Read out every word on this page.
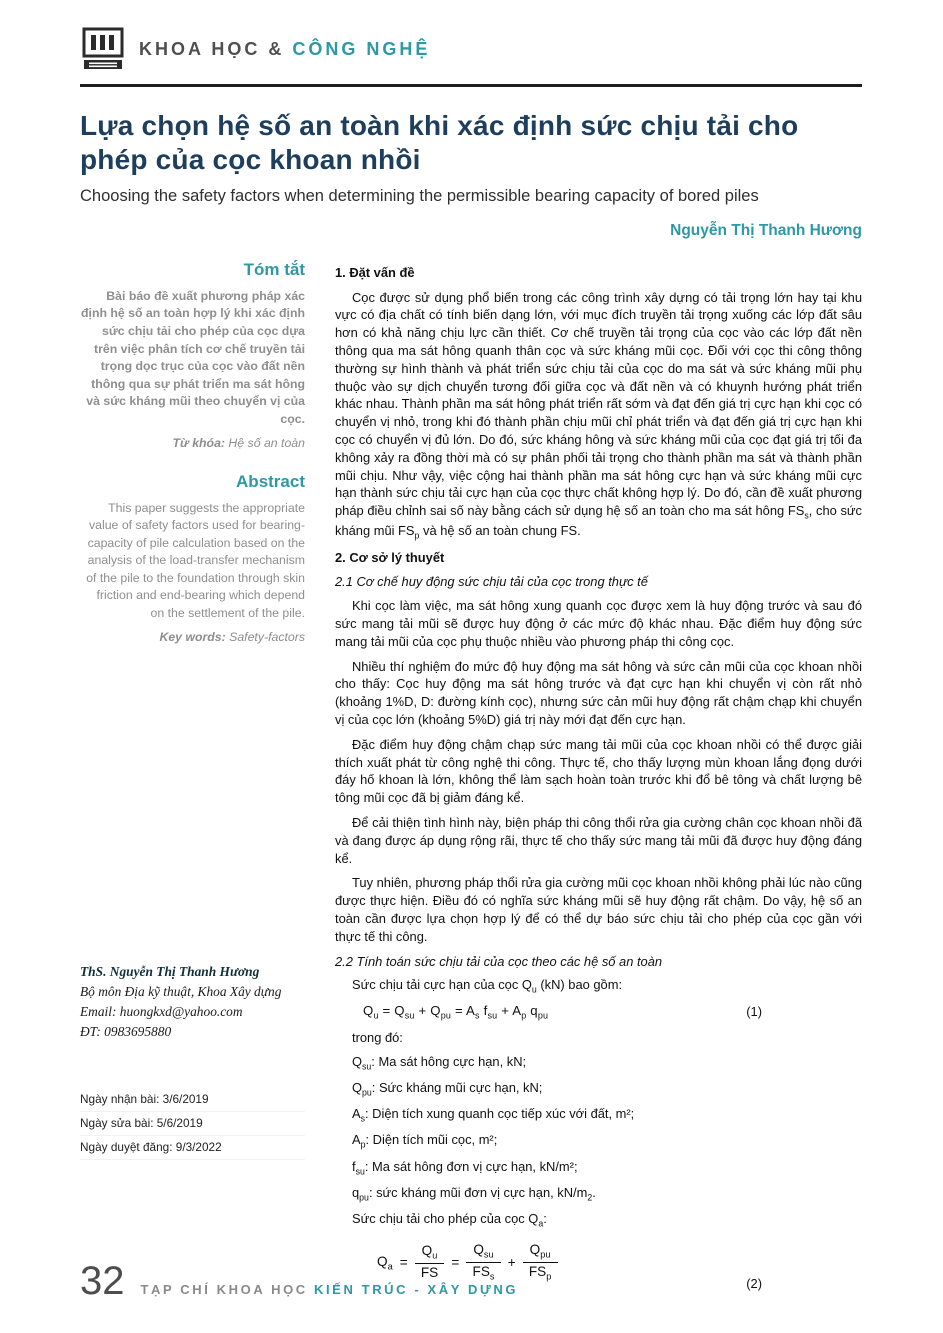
KHOA HỌC & CÔNG NGHỆ
Lựa chọn hệ số an toàn khi xác định sức chịu tải cho phép của cọc khoan nhồi

Choosing the safety factors when determining the permissible bearing capacity of bored piles

Nguyễn Thị Thanh Hương

Tóm tắt

Bài báo đề xuất phương pháp xác định hệ số an toàn hợp lý khi xác định sức chịu tải cho phép của cọc dựa trên việc phân tích cơ chế truyền tải trọng dọc trục của cọc vào đất nền thông qua sự phát triển ma sát hông và sức kháng mũi theo chuyển vị của cọc.

Từ khóa: Hệ số an toàn
Abstract

This paper suggests the appropriate value of safety factors used for bearing-capacity of pile calculation based on the analysis of the load-transfer mechanism of the pile to the foundation through skin friction and end-bearing which depend on the settlement of the pile.

Key words: Safety-factors
ThS. Nguyễn Thị Thanh Hương
Bộ môn Địa kỹ thuật, Khoa Xây dựng
Email: huongkxd@yahoo.com
ĐT: 0983695880
Ngày nhận bài: 3/6/2019
Ngày sửa bài: 5/6/2019
Ngày duyệt đăng: 9/3/2022

1. Đặt vấn đề

Cọc được sử dụng phổ biến trong các công trình xây dựng có tải trọng lớn hay tại khu vực có địa chất có tính biến dạng lớn, với mục đích truyền tải trọng xuống các lớp đất sâu hơn có khả năng chịu lực cần thiết. Cơ chế truyền tải trọng của cọc vào các lớp đất nền thông qua ma sát hông quanh thân cọc và sức kháng mũi cọc. Đối với cọc thi công thông thường sự hình thành và phát triển sức chịu tải của cọc do ma sát và sức kháng mũi phụ thuộc vào sự dịch chuyển tương đối giữa cọc và đất nền và có khuynh hướng phát triển khác nhau. Thành phần ma sát hông phát triển rất sớm và đạt đến giá trị cực hạn khi cọc có chuyển vị nhỏ, trong khi đó thành phần chịu mũi chỉ phát triển và đạt đến giá trị cực hạn khi cọc có chuyển vị đủ lớn. Do đó, sức kháng hông và sức kháng mũi của cọc đạt giá trị tối đa không xảy ra đồng thời mà có sự phân phối tải trọng cho thành phần ma sát và thành phần mũi chịu. Như vậy, việc cộng hai thành phần ma sát hông cực hạn và sức kháng mũi cực hạn thành sức chịu tải cực hạn của cọc thực chất không hợp lý. Do đó, cần đề xuất phương pháp điều chỉnh sai số này bằng cách sử dụng hệ số an toàn cho ma sát hông $FS_s$, cho sức kháng mũi $FS_p$ và hệ số an toàn chung FS.

2. Cơ sở lý thuyết

2.1 Cơ chế huy động sức chịu tải của cọc trong thực tế

Khi cọc làm việc, ma sát hông xung quanh cọc được xem là huy động trước và sau đó sức mang tải mũi sẽ được huy động ở các mức độ khác nhau. Đặc điểm huy động sức mang tải mũi của cọc phụ thuộc nhiều vào phương pháp thi công cọc.

Nhiều thí nghiệm đo mức độ huy động ma sát hông và sức cản mũi của cọc khoan nhồi cho thấy: Cọc huy động ma sát hông trước và đạt cực hạn khi chuyển vị còn rất nhỏ (khoảng 1%D, D: đường kính cọc), nhưng sức cản mũi huy động rất chậm chạp khi chuyển vị của cọc lớn (khoảng 5%D) giá trị này mới đạt đến cực hạn.

Đặc điểm huy động chậm chạp sức mang tải mũi của cọc khoan nhồi có thể được giải thích xuất phát từ công nghệ thi công. Thực tế, cho thấy lượng mùn khoan lắng đọng dưới đáy hố khoan là lớn, không thể làm sạch hoàn toàn trước khi đổ bê tông và chất lượng bê tông mũi cọc đã bị giảm đáng kể.

Để cải thiện tình hình này, biện pháp thi công thổi rửa gia cường chân cọc khoan nhồi đã và đang được áp dụng rộng rãi, thực tế cho thấy sức mang tải mũi đã được huy động đáng kể.

Tuy nhiên, phương pháp thổi rửa gia cường mũi cọc khoan nhồi không phải lúc nào cũng được thực hiện. Điều đó có nghĩa sức kháng mũi sẽ huy động rất chậm. Do vậy, hệ số an toàn cần được lựa chọn hợp lý để có thể dự báo sức chịu tải cho phép của cọc gần với thực tế thi công.

2.2 Tính toán sức chịu tải của cọc theo các hệ số an toàn

Sức chịu tải cực hạn của cọc $Q_u$ (kN) bao gồm:

$Q_u = Q_{su} + Q_{pu} = A_s$ $f_{su} + A_p$ $q_{pu}$	(1)

trong đó:

$Q_{su}$: Ma sát hông cực hạn, kN;

$Q_{pu}$: Sức kháng mũi cực hạn, kN;

$A_s$: Diện tích xung quanh cọc tiếp xúc với đất, m²;

$A_p$: Diện tích mũi cọc, m²;

$f_{su}$: Ma sát hông đơn vị cực hạn, kN/m²;

$q_{pu}$: sức kháng mũi đơn vị cực hạn, $kN/m_2$.

Sức chịu tải cho phép của cọc $Q_a$:

$Q_a = \frac{Q_u}{FS} = \frac{Q_{su}}{FS_s} + \frac{Q_{pu}}{FS_p}$	(2)
32 TẠP CHÍ KHOA HỌC KIẾN TRÚC - XÂY DỰNG
